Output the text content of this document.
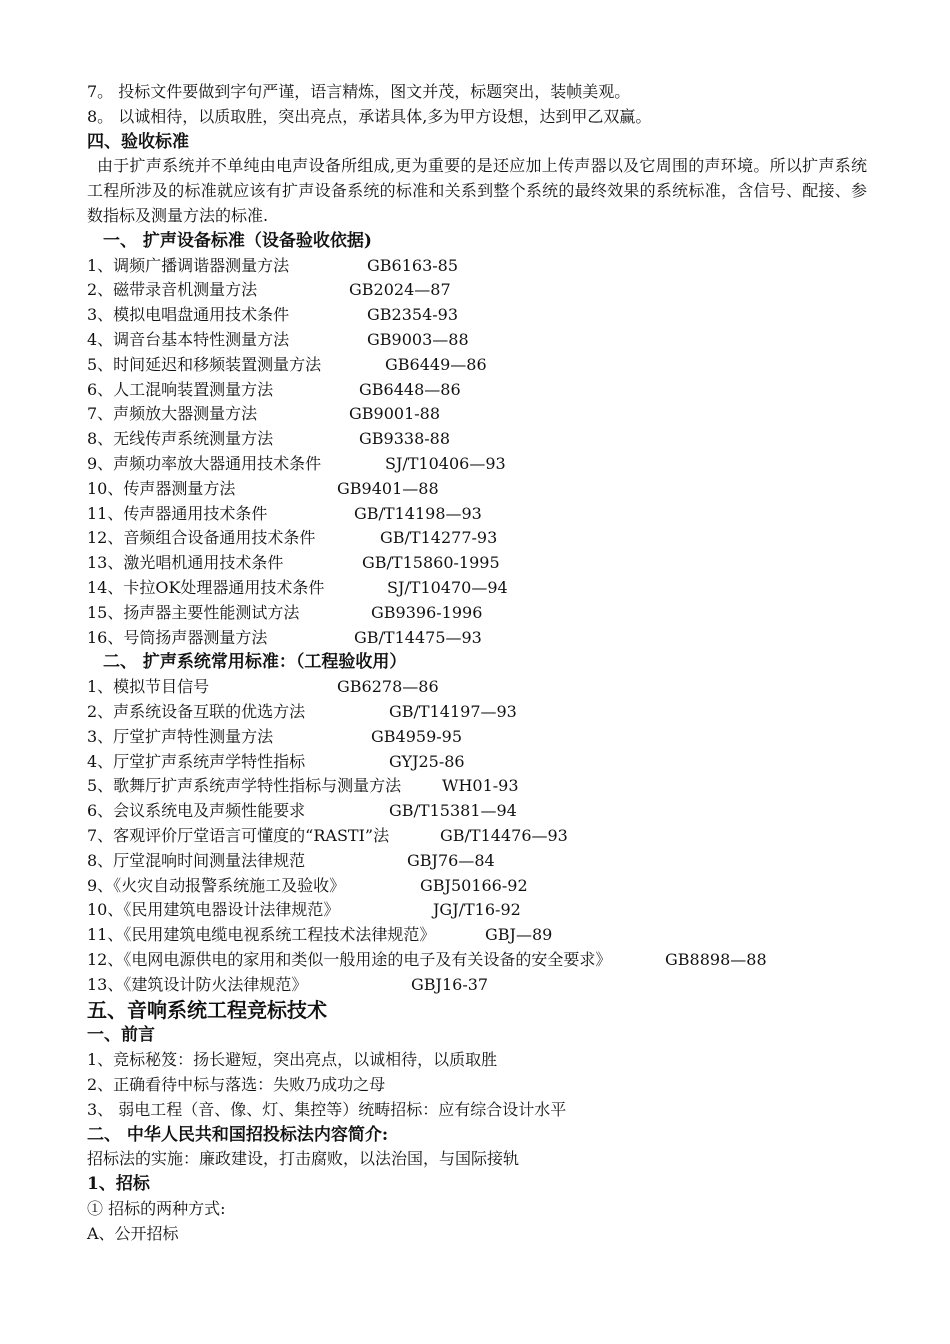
7。 投标文件要做到字句严谨，语言精炼，图文并茂，标题突出，装帧美观。
8。 以诚相待，以质取胜，突出亮点，承诺具体,多为甲方设想，达到甲乙双赢。
四、验收标准
由于扩声系统并不单纯由电声设备所组成,更为重要的是还应加上传声器以及它周围的声环境。所以扩声系统工程所涉及的标准就应该有扩声设备系统的标准和关系到整个系统的最终效果的系统标准，含信号、配接、参数指标及测量方法的标准.
一、 扩声设备标准（设备验收依据)
1、调频广播调谐器测量方法	GB6163-85
2、磁带录音机测量方法	GB2024—87
3、模拟电唱盘通用技术条件	GB2354-93
4、调音台基本特性测量方法	GB9003—88
5、时间延迟和移频装置测量方法	GB6449—86
6、人工混响装置测量方法	GB6448—86
7、声频放大器测量方法	GB9001-88
8、无线传声系统测量方法	GB9338-88
9、声频功率放大器通用技术条件	SJ/T10406—93
10、传声器测量方法	GB9401—88
11、传声器通用技术条件	GB/T14198—93
12、音频组合设备通用技术条件	GB/T14277-93
13、激光唱机通用技术条件	GB/T15860-1995
14、卡拉OK处理器通用技术条件	SJ/T10470—94
15、扬声器主要性能测试方法	GB9396-1996
16、号筒扬声器测量方法	GB/T14475—93
二、 扩声系统常用标准：（工程验收用）
1、模拟节目信号	GB6278—86
2、声系统设备互联的优选方法	GB/T14197—93
3、厅堂扩声特性测量方法	GB4959-95
4、厅堂扩声系统声学特性指标	GYJ25-86
5、歌舞厅扩声系统声学特性指标与测量方法	WH01-93
6、会议系统电及声频性能要求	GB/T15381—94
7、客观评价厅堂语言可懂度的“RASTI”法	GB/T14476—93
8、厅堂混响时间测量法律规范	GBJ76—84
9、《火灾自动报警系统施工及验收》	GBJ50166-92
10、《民用建筑电器设计法律规范》	JGJ/T16-92
11、《民用建筑电缆电视系统工程技术法律规范》	GBJ—89
12、《电网电源供电的家用和类似一般用途的电子及有关设备的安全要求》	GB8898—88
13、《建筑设计防火法律规范》	GBJ16-37
五、音响系统工程竞标技术
一、前言
1、竞标秘笈：扬长避短，突出亮点，以诚相待，以质取胜
2、正确看待中标与落选：失败乃成功之母
3、 弱电工程（音、像、灯、集控等）统畴招标：应有综合设计水平
二、 中华人民共和国招投标法内容简介:
招标法的实施：廉政建设，打击腐败，以法治国，与国际接轨
1、招标
① 招标的两种方式:
A、公开招标
